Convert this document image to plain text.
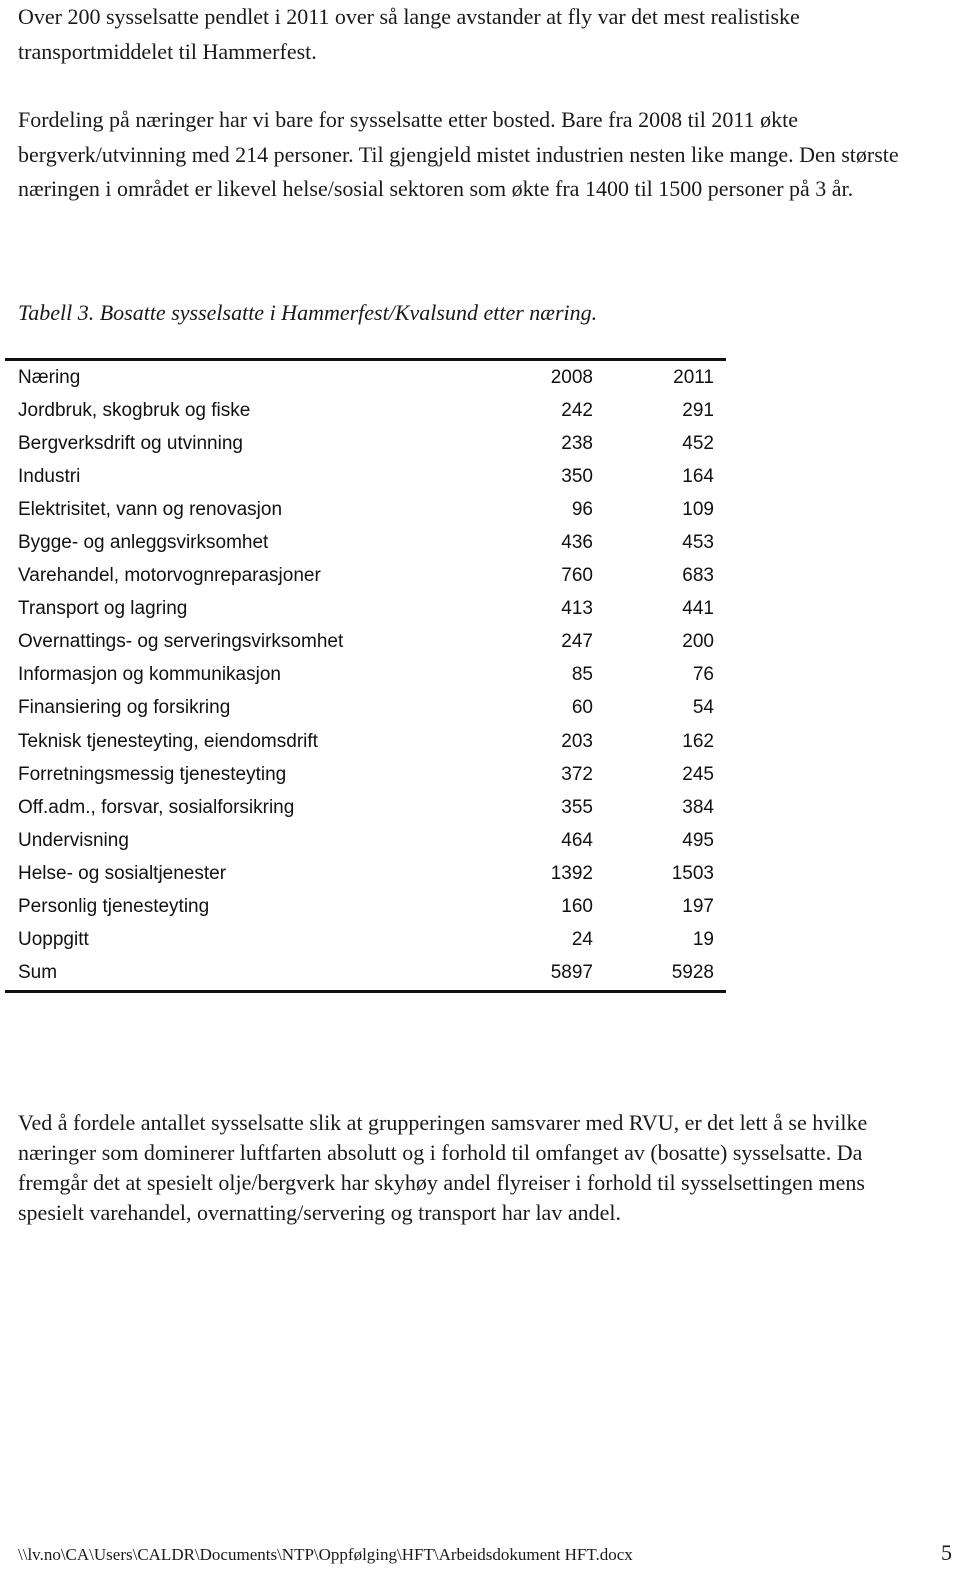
Over 200 sysselsatte pendlet i 2011 over så lange avstander at fly var det mest realistiske transportmiddelet til Hammerfest.

Fordeling på næringer har vi bare for sysselsatte etter bosted. Bare fra 2008 til 2011 økte bergverk/utvinning med 214 personer. Til gjengjeld mistet industrien nesten like mange. Den største næringen i området er likevel helse/sosial sektoren som økte fra 1400 til 1500 personer på 3 år.

Tabell 3. Bosatte sysselsatte i Hammerfest/Kvalsund etter næring.

Næring	2008	2011
Jordbruk, skogbruk og fiske	242	291
Bergverksdrift og utvinning	238	452
Industri	350	164
Elektrisitet, vann og renovasjon	96	109
Bygge- og anleggsvirksomhet	436	453
Varehandel, motorvognreparasjoner	760	683
Transport og lagring	413	441
Overnattings- og serveringsvirksomhet	247	200
Informasjon og kommunikasjon	85	76
Finansiering og forsikring	60	54
Teknisk tjenesteyting, eiendomsdrift	203	162
Forretningsmessig tjenesteyting	372	245
Off.adm., forsvar, sosialforsikring	355	384
Undervisning	464	495
Helse- og sosialtjenester	1392	1503
Personlig tjenesteyting	160	197
Uoppgitt	24	19
Sum	5897	5928

Ved å fordele antallet sysselsatte slik at grupperingen samsvarer med RVU, er det lett å se hvilke næringer som dominerer luftfarten absolutt og i forhold til omfanget av (bosatte) sysselsatte. Da fremgår det at spesielt olje/bergverk har skyhøy andel flyreiser i forhold til sysselsettingen mens spesielt varehandel, overnatting/servering og transport har lav andel.

\\lv.no\CA\Users\CALDR\Documents\NTP\Oppfølging\HFT\Arbeidsdokument HFT.docx	5
